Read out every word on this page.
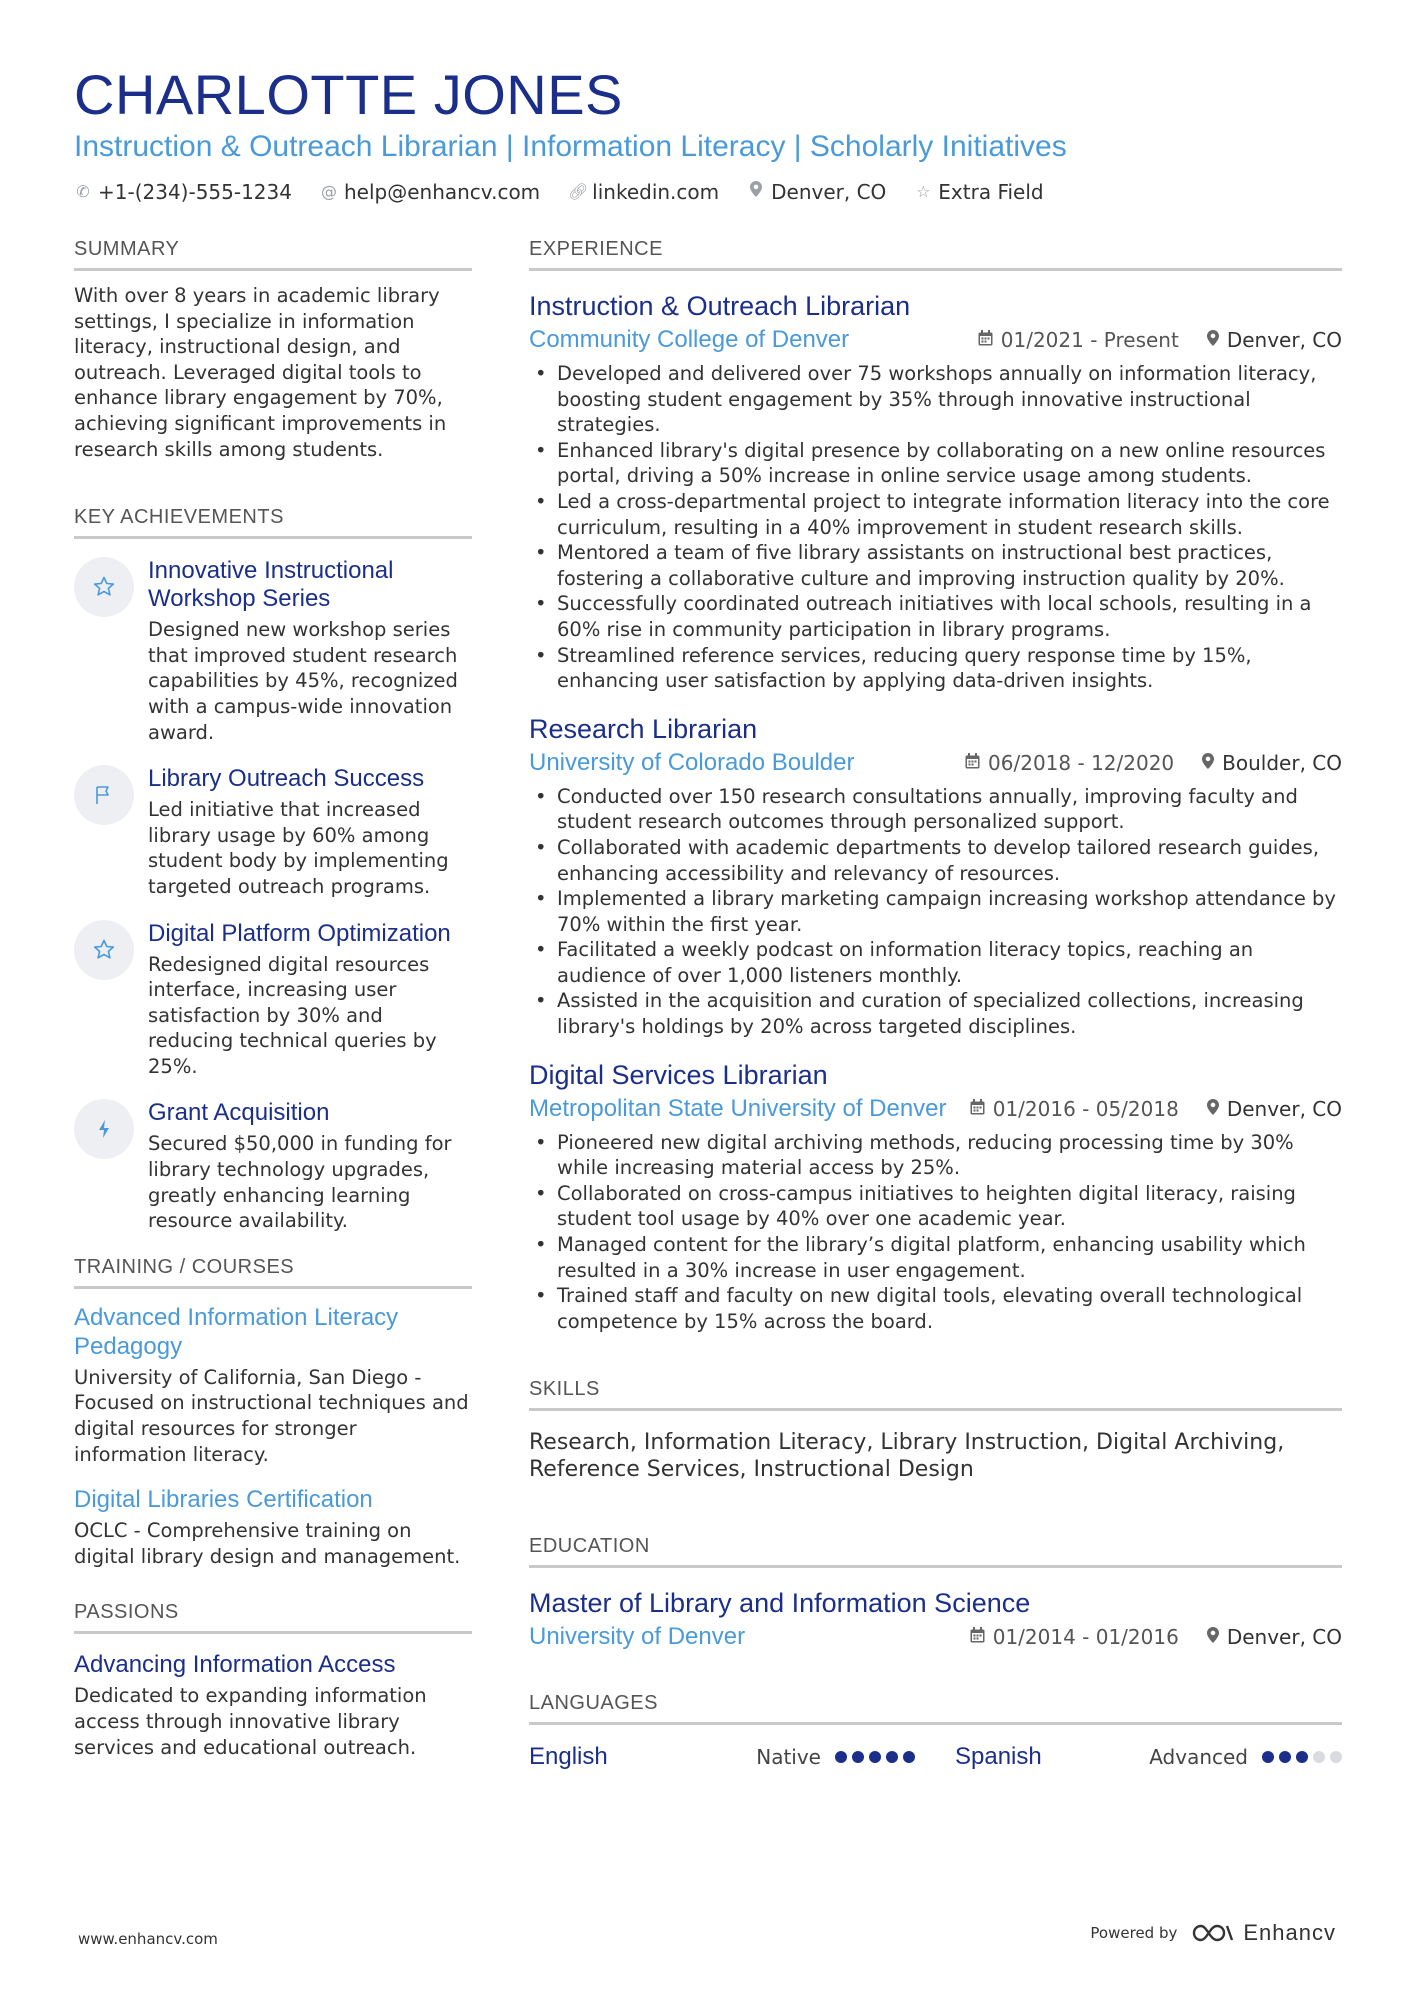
CHARLOTTE JONES
Instruction & Outreach Librarian | Information Literacy | Scholarly Initiatives
✆ +1-(234)-555-1234 @ help@enhancv.com 🔗︎ linkedin.com	Denver, CO ☆ Extra Field
SUMMARY
With over 8 years in academic library settings, I specialize in information literacy, instructional design, and outreach. Leveraged digital tools to enhance library engagement by 70%, achieving significant improvements in research skills among students.
KEY ACHIEVEMENTS
Innovative Instructional Workshop Series
Designed new workshop series that improved student research capabilities by 45%, recognized with a campus-wide innovation award.
Library Outreach Success
Led initiative that increased library usage by 60% among student body by implementing targeted outreach programs.
Digital Platform Optimization
Redesigned digital resources interface, increasing user satisfaction by 30% and reducing technical queries by 25%.
Grant Acquisition
Secured $50,000 in funding for library technology upgrades, greatly enhancing learning resource availability.
TRAINING / COURSES
Advanced Information Literacy Pedagogy
University of California, San Diego - Focused on instructional techniques and digital resources for stronger information literacy.
Digital Libraries Certification
OCLC - Comprehensive training on digital library design and management.
PASSIONS
Advancing Information Access
Dedicated to expanding information access through innovative library services and educational outreach.
EXPERIENCE
Instruction & Outreach Librarian
Community College of Denver	01/2021 - Present Denver, CO
• Developed and delivered over 75 workshops annually on information literacy, boosting student engagement by 35% through innovative instructional strategies.
• Enhanced library's digital presence by collaborating on a new online resources portal, driving a 50% increase in online service usage among students.
• Led a cross-departmental project to integrate information literacy into the core curriculum, resulting in a 40% improvement in student research skills.
• Mentored a team of five library assistants on instructional best practices, fostering a collaborative culture and improving instruction quality by 20%.
• Successfully coordinated outreach initiatives with local schools, resulting in a 60% rise in community participation in library programs.
• Streamlined reference services, reducing query response time by 15%, enhancing user satisfaction by applying data-driven insights.
Research Librarian
University of Colorado Boulder	06/2018 - 12/2020 Boulder, CO
• Conducted over 150 research consultations annually, improving faculty and student research outcomes through personalized support.
• Collaborated with academic departments to develop tailored research guides, enhancing accessibility and relevancy of resources.
• Implemented a library marketing campaign increasing workshop attendance by 70% within the first year.
• Facilitated a weekly podcast on information literacy topics, reaching an audience of over 1,000 listeners monthly.
• Assisted in the acquisition and curation of specialized collections, increasing library's holdings by 20% across targeted disciplines.
Digital Services Librarian
Metropolitan State University of Denver 01/2016 - 05/2018 Denver, CO
• Pioneered new digital archiving methods, reducing processing time by 30% while increasing material access by 25%.
• Collaborated on cross-campus initiatives to heighten digital literacy, raising student tool usage by 40% over one academic year.
• Managed content for the library’s digital platform, enhancing usability which resulted in a 30% increase in user engagement.
• Trained staff and faculty on new digital tools, elevating overall technological competence by 15% across the board.
SKILLS
Research, Information Literacy, Library Instruction, Digital Archiving, Reference Services, Instructional Design
EDUCATION
Master of Library and Information Science
University of Denver	01/2014 - 01/2016 Denver, CO
LANGUAGES
English	Native	Spanish	Advanced
www.enhancv.com	Powered by	Enhancv
